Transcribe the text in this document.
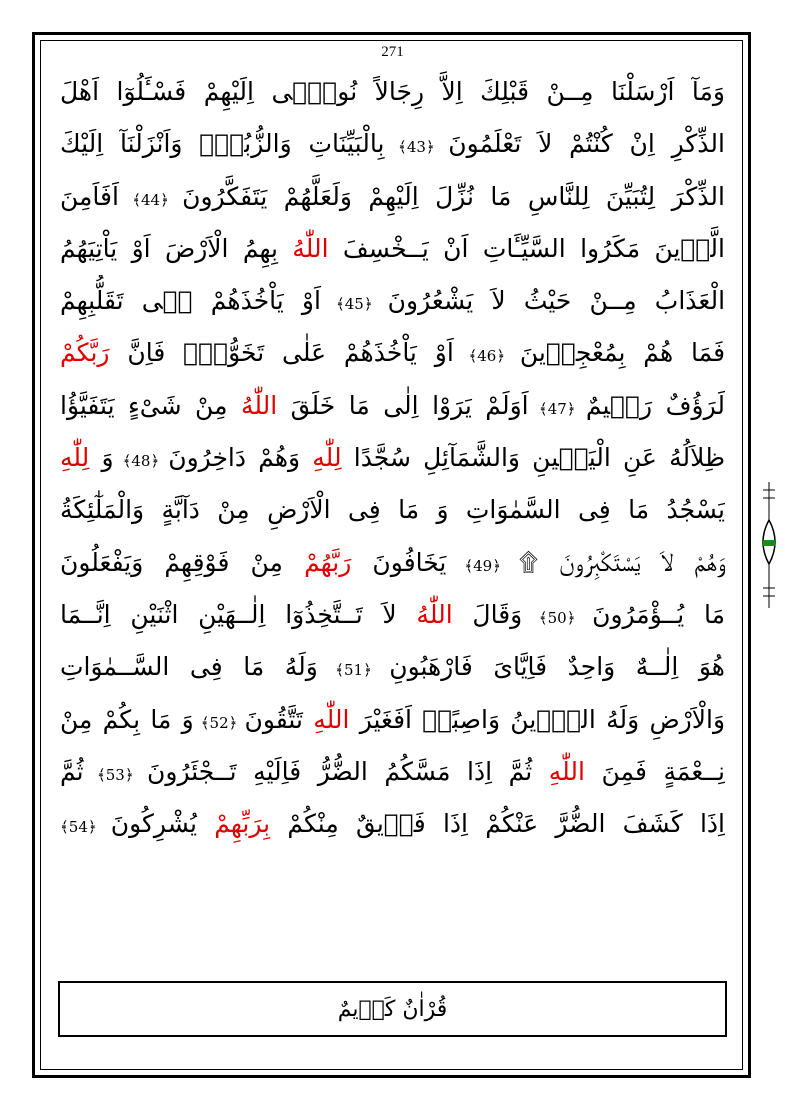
271
وَمَآ اَرْسَلْنَا مِــنْ قَبْلِكَ اِلاَّ رِجَالاً نُوحٖٓى اِلَيْهِمْ فَسْـَٔلُوٓا اَهْلَ
الذِّكْرِ اِنْ كُنْتُمْ لاَ تَعْلَمُونَ ﴿43﴾ بِالْبَيِّنَاتِ وَالزُّبُرِۜ وَاَنْزَلْنَآ اِلَيْكَ
الذِّكْرَ لِتُبَيِّنَ لِلنَّاسِ مَا نُزِّلَ اِلَيْهِمْ وَلَعَلَّهُمْ يَتَفَكَّرُونَ ﴿44﴾ اَفَاَمِنَ
الَّذٖينَ مَكَرُوا السَّيِّـَٔاتِ اَنْ يَــخْسِفَ اللّٰهُ بِهِمُ الْاَرْضَ اَوْ يَاْتِيَهُمُ
الْعَذَابُ مِــنْ حَيْثُ لاَ يَشْعُرُونَ ﴿45﴾ اَوْ يَاْخُذَهُمْ فٖى تَقَلُّبِهِمْ
فَمَا هُمْ بِمُعْجِزٖينَ ﴿46﴾ اَوْ يَاْخُذَهُمْ عَلٰى تَخَوُّفٍۜ فَاِنَّ رَبَّكُمْ
لَرَؤُفٌ رَحٖيمٌ ﴿47﴾ اَوَلَمْ يَرَوْا اِلٰى مَا خَلَقَ اللّٰهُ مِنْ شَىْءٍ يَتَفَيَّؤُا
ظِلاَلُهُ عَنِ الْيَمٖينِ وَالشَّمَآئِلِ سُجَّدًا لِلّٰهِ وَهُمْ دَاخِرُونَ ﴿48﴾ وَ لِلّٰهِ
يَسْجُدُ مَا فِى السَّمٰوَاتِ وَ مَا فِى الْاَرْضِ مِنْ دَآبَّةٍ وَالْمَلٰٓئِكَةُ
وَهُمْ لاَ يَسْتَكْبِرُونَ ۩ ﴿49﴾ يَخَافُونَ رَبَّهُمْ مِنْ فَوْقِهِمْ وَيَفْعَلُونَ
مَا يُــؤْمَرُونَ ﴿50﴾ وَقَالَ اللّٰهُ لاَ تَــتَّخِذُوٓا اِلٰــهَيْنِ اثْنَيْنِ اِنَّــمَا
هُوَ اِلٰــهٌ وَاحِدٌ فَاِيَّاىَ فَارْهَبُونِ ﴿51﴾ وَلَهُ مَا فِى السَّــمٰوَاتِ
وَالْاَرْضِ وَلَهُ الدّٖينُ وَاصِبًاۜ اَفَغَيْرَ اللّٰهِ تَتَّقُونَ ﴿52﴾ وَ مَا بِكُمْ مِنْ
نِــعْمَةٍ فَمِنَ اللّٰهِ ثُمَّ اِذَا مَسَّكُمُ الضُّرُّ فَاِلَيْهِ تَــجْئَرُونَ ﴿53﴾ ثُمَّ
اِذَا كَشَفَ الضُّرَّ عَنْكُمْ اِذَا فَرٖيقٌ مِنْكُمْ بِرَبِّهِمْ يُشْرِكُونَ ﴿54﴾
قُرْاٰنٌ كَرٖيمٌ
